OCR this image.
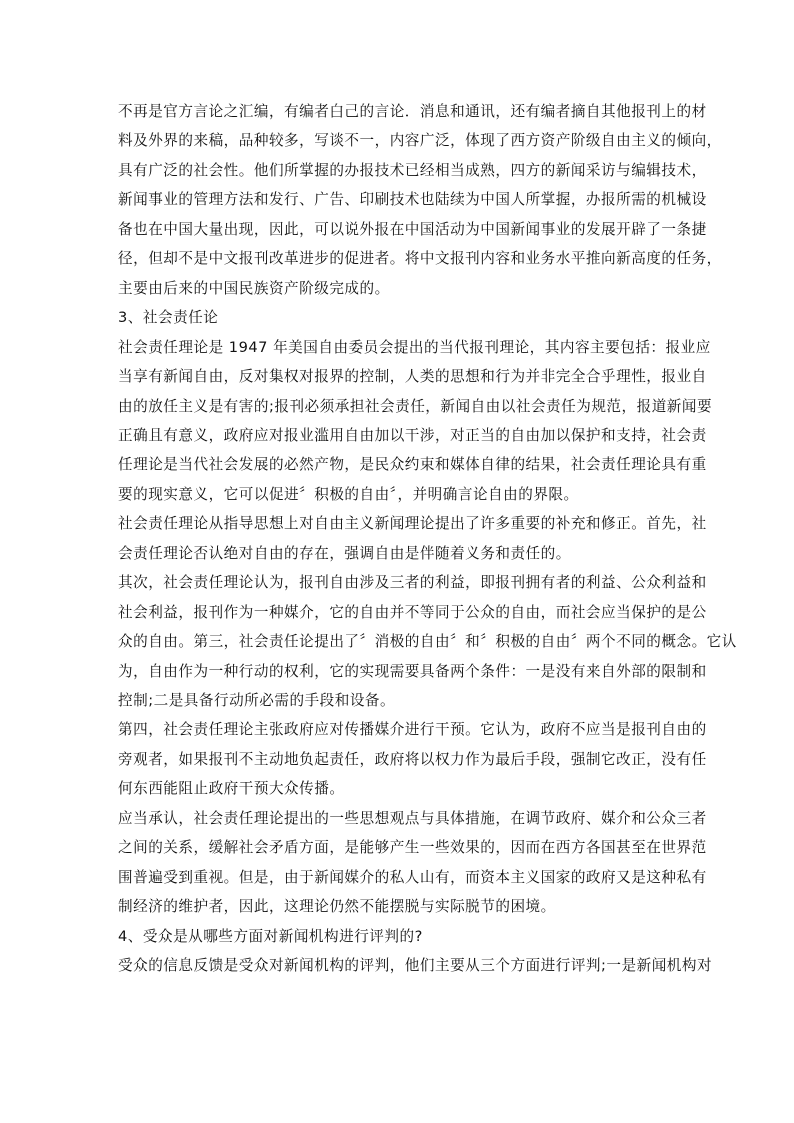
不再是官方言论之汇编，有编者白己的言论．消息和通讯，还有编者摘自其他报刊上的材
料及外界的来稿，品种较多，写谈不一，内容广泛，体现了西方资产阶级自由主义的倾向，
具有广泛的社会性。他们所掌握的办报技术已经相当成熟，四方的新闻采访与编辑技术，
新闻事业的管理方法和发行、广告、印刷技术也陆续为中国人所掌握，办报所需的机械设
备也在中国大量出现，因此，可以说外报在中国活动为中国新闻事业的发展开辟了一条捷
径，但却不是中文报刊改革进步的促进者。将中文报刊内容和业务水平推向新高度的任务，
主要由后来的中国民族资产阶级完成的。
3、社会责任论
社会责任理论是 1947 年美国自由委员会提出的当代报刊理论，其内容主要包括：报业应
当享有新闻自由，反对集权对报界的控制，人类的思想和行为并非完全合乎理性，报业自
由的放任主义是有害的;报刊必须承担社会责任，新闻自由以社会责任为规范，报道新闻要
正确且有意义，政府应对报业滥用自由加以干涉，对正当的自由加以保护和支持，社会责
任理论是当代社会发展的必然产物，是民众约束和媒体自律的结果，社会责任理论具有重
要的现实意义，它可以促进〞积极的自由〞，并明确言论自由的界限。
社会责任理论从指导思想上对自由主义新闻理论提出了许多重要的补充和修正。首先，社
会责任理论否认绝对自由的存在，强调自由是伴随着义务和责任的。
其次，社会责任理论认为，报刊自由涉及三者的利益，即报刊拥有者的利益、公众利益和
社会利益，报刊作为一种媒介，它的自由并不等同于公众的自由，而社会应当保护的是公
众的自由。第三，社会责任论提出了〞消极的自由〞和〞积极的自由〞两个不同的概念。它认
为，自由作为一种行动的权利，它的实现需要具备两个条件：一是没有来自外部的限制和
控制;二是具备行动所必需的手段和设备。
第四，社会责任理论主张政府应对传播媒介进行干预。它认为，政府不应当是报刊自由的
旁观者，如果报刊不主动地负起责任，政府将以权力作为最后手段，强制它改正，没有任
何东西能阻止政府干预大众传播。
应当承认，社会责任理论提出的一些思想观点与具体措施，在调节政府、媒介和公众三者
之间的关系，缓解社会矛盾方面，是能够产生一些效果的，因而在西方各国甚至在世界范
围普遍受到重视。但是，由于新闻媒介的私人山有，而资本主义国家的政府又是这种私有
制经济的维护者，因此，这理论仍然不能摆脱与实际脱节的困境。
4、受众是从哪些方面对新闻机构进行评判的?
受众的信息反馈是受众对新闻机构的评判，他们主要从三个方面进行评判;一是新闻机构对
